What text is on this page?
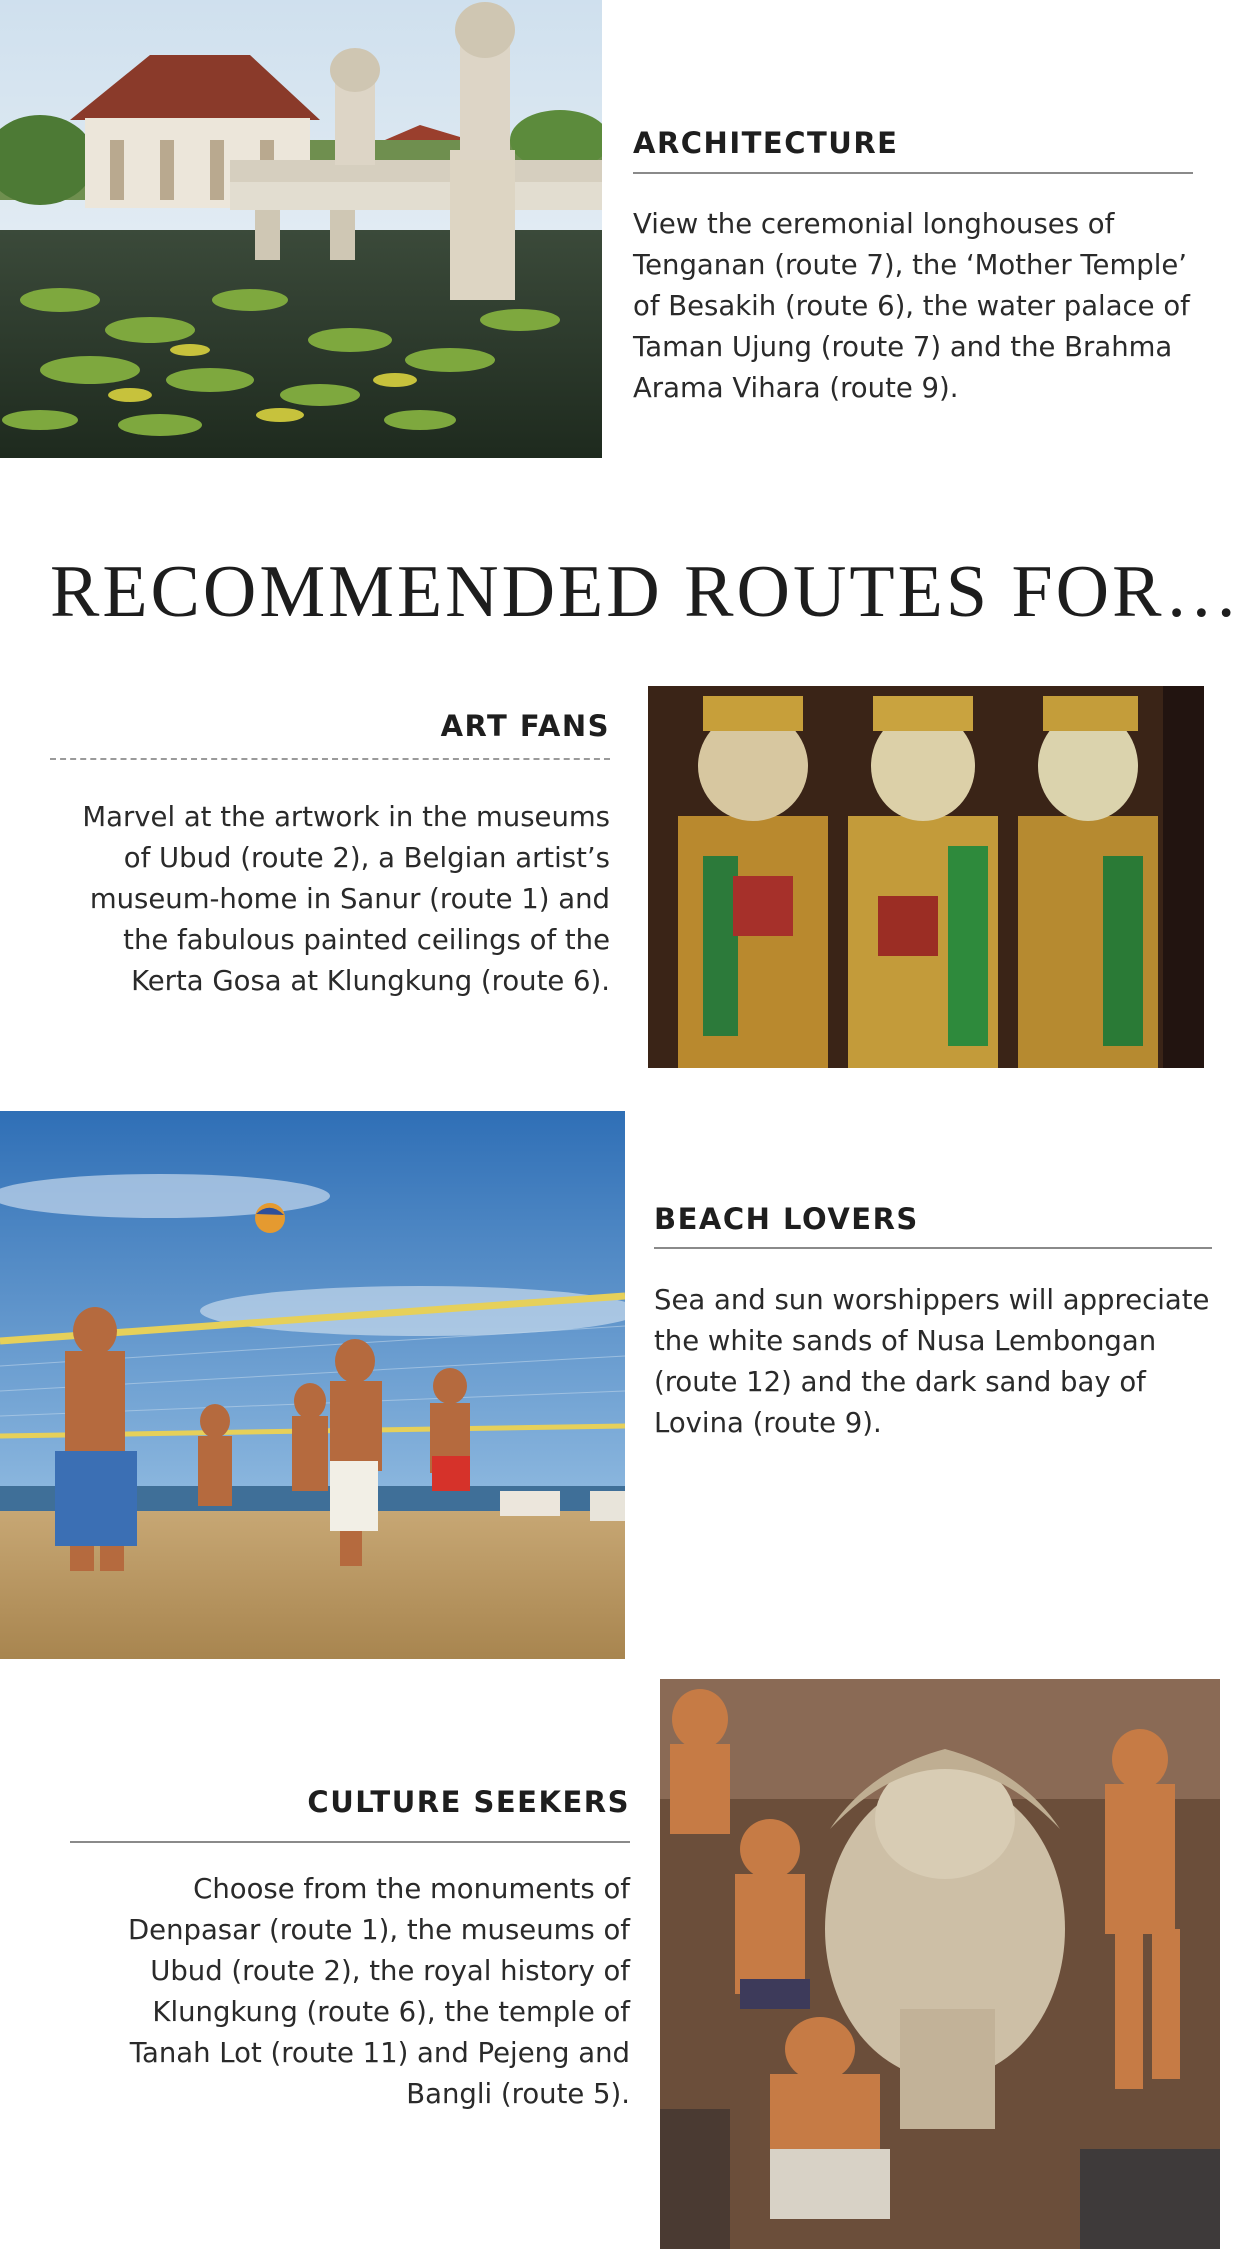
ARCHITECTURE

View the ceremonial longhouses of Tenganan (route 7), the ‘Mother Temple’ of Besakih (route 6), the water palace of Taman Ujung (route 7) and the Brahma Arama Vihara (route 9).

RECOMMENDED ROUTES FOR…
ART FANS

Marvel at the artwork in the museums of Ubud (route 2), a Belgian artist’s museum-home in Sanur (route 1) and the fabulous painted ceilings of the Kerta Gosa at Klungkung (route 6).

BEACH LOVERS

Sea and sun worshippers will appreciate the white sands of Nusa Lembongan (route 12) and the dark sand bay of Lovina (route 9).

CULTURE SEEKERS

Choose from the monuments of Denpasar (route 1), the museums of Ubud (route 2), the royal history of Klungkung (route 6), the temple of Tanah Lot (route 11) and Pejeng and Bangli (route 5).
